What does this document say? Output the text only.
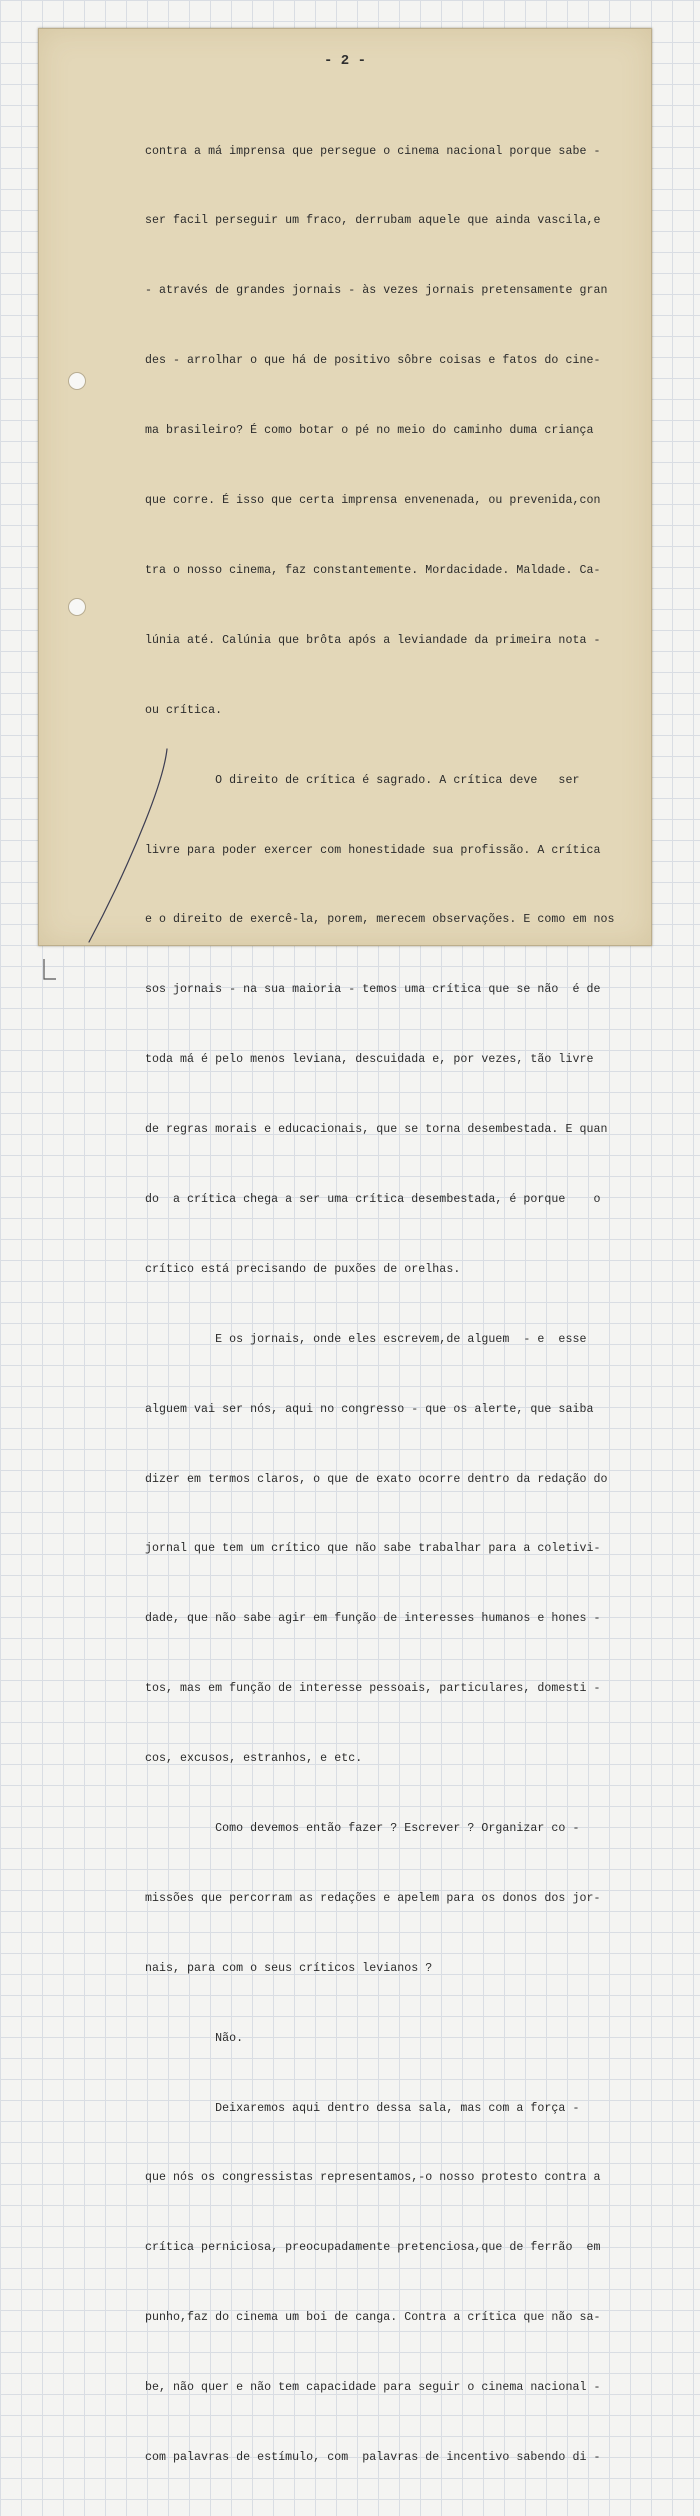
- 2 -

contra a má imprensa que persegue o cinema nacional porque sabe -

ser facil perseguir um fraco, derrubam aquele que ainda vascila,e

- através de grandes jornais - às vezes jornais pretensamente gran

des - arrolhar o que há de positivo sôbre coisas e fatos do cine-

ma brasileiro? É como botar o pé no meio do caminho duma criança

que corre. É isso que certa imprensa envenenada, ou prevenida,con

tra o nosso cinema, faz constantemente. Mordacidade. Maldade. Ca-

lúnia até. Calúnia que brôta após a leviandade da primeira nota -

ou crítica.

O direito de crítica é sagrado. A crítica deve   ser

livre para poder exercer com honestidade sua profissão. A crítica

e o direito de exercê-la, porem, merecem observações. E como em nos

sos jornais - na sua maioria - temos uma crítica que se não  é de

toda má é pelo menos leviana, descuidada e, por vezes, tão livre

de regras morais e educacionais, que se torna desembestada. E quan

do  a crítica chega a ser uma crítica desembestada, é porque    o

crítico está precisando de puxões de orelhas.

E os jornais, onde eles escrevem,de alguem  - e  esse

alguem vai ser nós, aqui no congresso - que os alerte, que saiba

dizer em termos claros, o que de exato ocorre dentro da redação do

jornal que tem um crítico que não sabe trabalhar para a coletivi-

dade, que não sabe agir em função de interesses humanos e hones -

tos, mas em função de interesse pessoais, particulares, domesti -

cos, excusos, estranhos, e etc.

Como devemos então fazer ? Escrever ? Organizar co -

missões que percorram as redações e apelem para os donos dos jor-

nais, para com o seus críticos levianos ?

Não.

Deixaremos aqui dentro dessa sala, mas com a força -

que nós os congressistas representamos,-o nosso protesto contra a

crítica perniciosa, preocupadamente pretenciosa,que de ferrão  em

punho,faz do cinema um boi de canga. Contra a crítica que não sa-

be, não quer e não tem capacidade para seguir o cinema nacional -

com palavras de estímulo, com  palavras de incentivo sabendo di -
